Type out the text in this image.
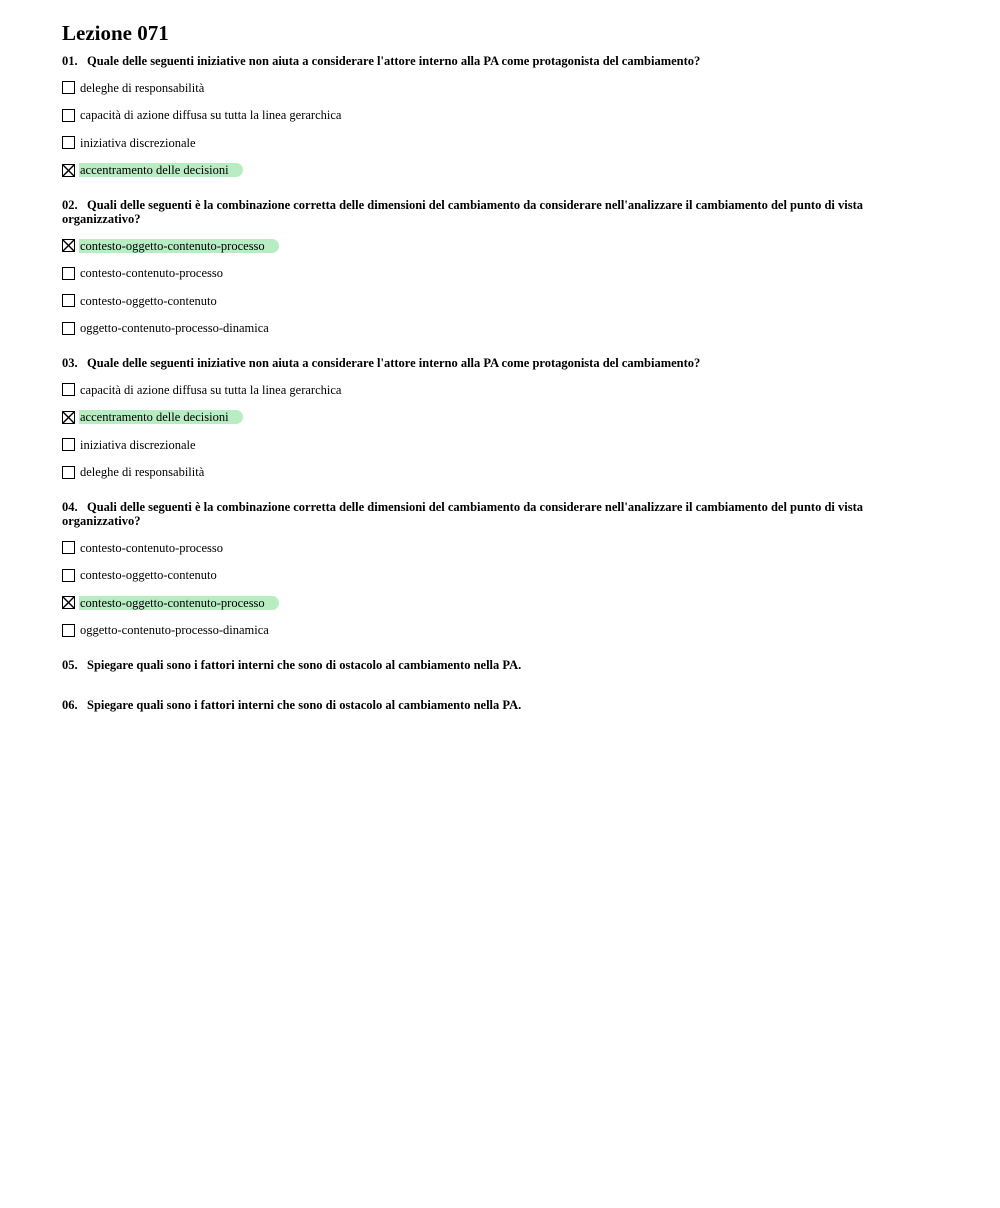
Lezione 071

01. Quale delle seguenti iniziative non aiuta a considerare l'attore interno alla PA come protagonista del cambiamento?

deleghe di responsabilità
capacità di azione diffusa su tutta la linea gerarchica
iniziativa discrezionale
accentramento delle decisioni

02. Quali delle seguenti è la combinazione corretta delle dimensioni del cambiamento da considerare nell'analizzare il cambiamento del punto di vista organizzativo?

contesto-oggetto-contenuto-processo
contesto-contenuto-processo
contesto-oggetto-contenuto
oggetto-contenuto-processo-dinamica

03. Quale delle seguenti iniziative non aiuta a considerare l'attore interno alla PA come protagonista del cambiamento?

capacità di azione diffusa su tutta la linea gerarchica
accentramento delle decisioni
iniziativa discrezionale
deleghe di responsabilità

04. Quali delle seguenti è la combinazione corretta delle dimensioni del cambiamento da considerare nell'analizzare il cambiamento del punto di vista organizzativo?

contesto-contenuto-processo
contesto-oggetto-contenuto
contesto-oggetto-contenuto-processo
oggetto-contenuto-processo-dinamica

05. Spiegare quali sono i fattori interni che sono di ostacolo al cambiamento nella PA.

06. Spiegare quali sono i fattori interni che sono di ostacolo al cambiamento nella PA.
